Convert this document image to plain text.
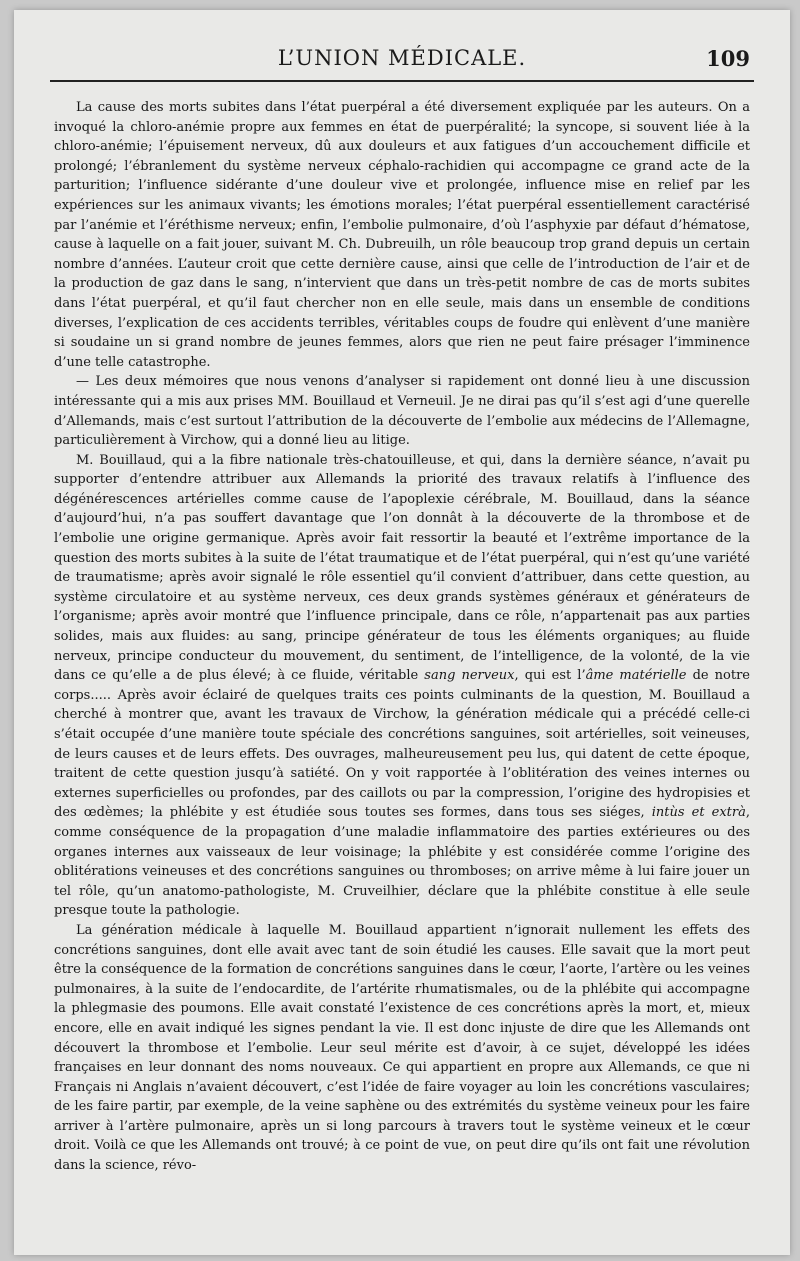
L’UNION MÉDICALE.	109

La cause des morts subites dans l’état puerpéral a été diversement expliquée par les auteurs. On a invoqué la chloro-anémie propre aux femmes en état de puerpéralité; la syncope, si souvent liée à la chloro-anémie; l’épuisement nerveux, dû aux douleurs et aux fatigues d’un accouchement difficile et prolongé; l’ébranlement du système nerveux céphalo-rachidien qui accompagne ce grand acte de la parturition; l’influence sidérante d’une douleur vive et prolongée, influence mise en relief par les expériences sur les animaux vivants; les émotions morales; l’état puerpéral essentiellement caractérisé par l’anémie et l’éréthisme nerveux; enfin, l’embolie pulmonaire, d’où l’asphyxie par défaut d’hématose, cause à laquelle on a fait jouer, suivant M. Ch. Dubreuilh, un rôle beaucoup trop grand depuis un certain nombre d’années. L’auteur croit que cette dernière cause, ainsi que celle de l’introduction de l’air et de la production de gaz dans le sang, n’intervient que dans un très-petit nombre de cas de morts subites dans l’état puerpéral, et qu’il faut chercher non en elle seule, mais dans un ensemble de conditions diverses, l’explication de ces accidents terribles, véritables coups de foudre qui enlèvent d’une manière si soudaine un si grand nombre de jeunes femmes, alors que rien ne peut faire présager l’imminence d’une telle catastrophe.

— Les deux mémoires que nous venons d’analyser si rapidement ont donné lieu à une discussion intéressante qui a mis aux prises MM. Bouillaud et Verneuil. Je ne dirai pas qu’il s’est agi d’une querelle d’Allemands, mais c’est surtout l’attribution de la découverte de l’embolie aux médecins de l’Allemagne, particulièrement à Virchow, qui a donné lieu au litige.

M. Bouillaud, qui a la fibre nationale très-chatouilleuse, et qui, dans la dernière séance, n’avait pu supporter d’entendre attribuer aux Allemands la priorité des travaux relatifs à l’influence des dégénérescences artérielles comme cause de l’apoplexie cérébrale, M. Bouillaud, dans la séance d’aujourd’hui, n’a pas souffert davantage que l’on donnât à la découverte de la thrombose et de l’embolie une origine germanique. Après avoir fait ressortir la beauté et l’extrême importance de la question des morts subites à la suite de l’état traumatique et de l’état puerpéral, qui n’est qu’une variété de traumatisme; après avoir signalé le rôle essentiel qu’il convient d’attribuer, dans cette question, au système circulatoire et au système nerveux, ces deux grands systèmes généraux et générateurs de l’organisme; après avoir montré que l’influence principale, dans ce rôle, n’appartenait pas aux parties solides, mais aux fluides: au sang, principe générateur de tous les éléments organiques; au fluide nerveux, principe conducteur du mouvement, du sentiment, de l’intelligence, de la volonté, de la vie dans ce qu’elle a de plus élevé; à ce fluide, véritable sang nerveux, qui est l’âme matérielle de notre corps..... Après avoir éclairé de quelques traits ces points culminants de la question, M. Bouillaud a cherché à montrer que, avant les travaux de Virchow, la génération médicale qui a précédé celle-ci s’était occupée d’une manière toute spéciale des concrétions sanguines, soit artérielles, soit veineuses, de leurs causes et de leurs effets. Des ouvrages, malheureusement peu lus, qui datent de cette époque, traitent de cette question jusqu’à satiété. On y voit rapportée à l’oblitération des veines internes ou externes superficielles ou profondes, par des caillots ou par la compression, l’origine des hydropisies et des œdèmes; la phlébite y est étudiée sous toutes ses formes, dans tous ses siéges, intùs et extrà, comme conséquence de la propagation d’une maladie inflammatoire des parties extérieures ou des organes internes aux vaisseaux de leur voisinage; la phlébite y est considérée comme l’origine des oblitérations veineuses et des concrétions sanguines ou thromboses; on arrive même à lui faire jouer un tel rôle, qu’un anatomo-pathologiste, M. Cruveilhier, déclare que la phlébite constitue à elle seule presque toute la pathologie.

La génération médicale à laquelle M. Bouillaud appartient n’ignorait nullement les effets des concrétions sanguines, dont elle avait avec tant de soin étudié les causes. Elle savait que la mort peut être la conséquence de la formation de concrétions sanguines dans le cœur, l’aorte, l’artère ou les veines pulmonaires, à la suite de l’endocardite, de l’artérite rhumatismales, ou de la phlébite qui accompagne la phlegmasie des poumons. Elle avait constaté l’existence de ces concrétions après la mort, et, mieux encore, elle en avait indiqué les signes pendant la vie. Il est donc injuste de dire que les Allemands ont découvert la thrombose et l’embolie. Leur seul mérite est d’avoir, à ce sujet, développé les idées françaises en leur donnant des noms nouveaux. Ce qui appartient en propre aux Allemands, ce que ni Français ni Anglais n’avaient découvert, c’est l’idée de faire voyager au loin les concrétions vasculaires; de les faire partir, par exemple, de la veine saphène ou des extrémités du système veineux pour les faire arriver à l’artère pulmonaire, après un si long parcours à travers tout le système veineux et le cœur droit. Voilà ce que les Allemands ont trouvé; à ce point de vue, on peut dire qu’ils ont fait une révolution dans la science, révo-
